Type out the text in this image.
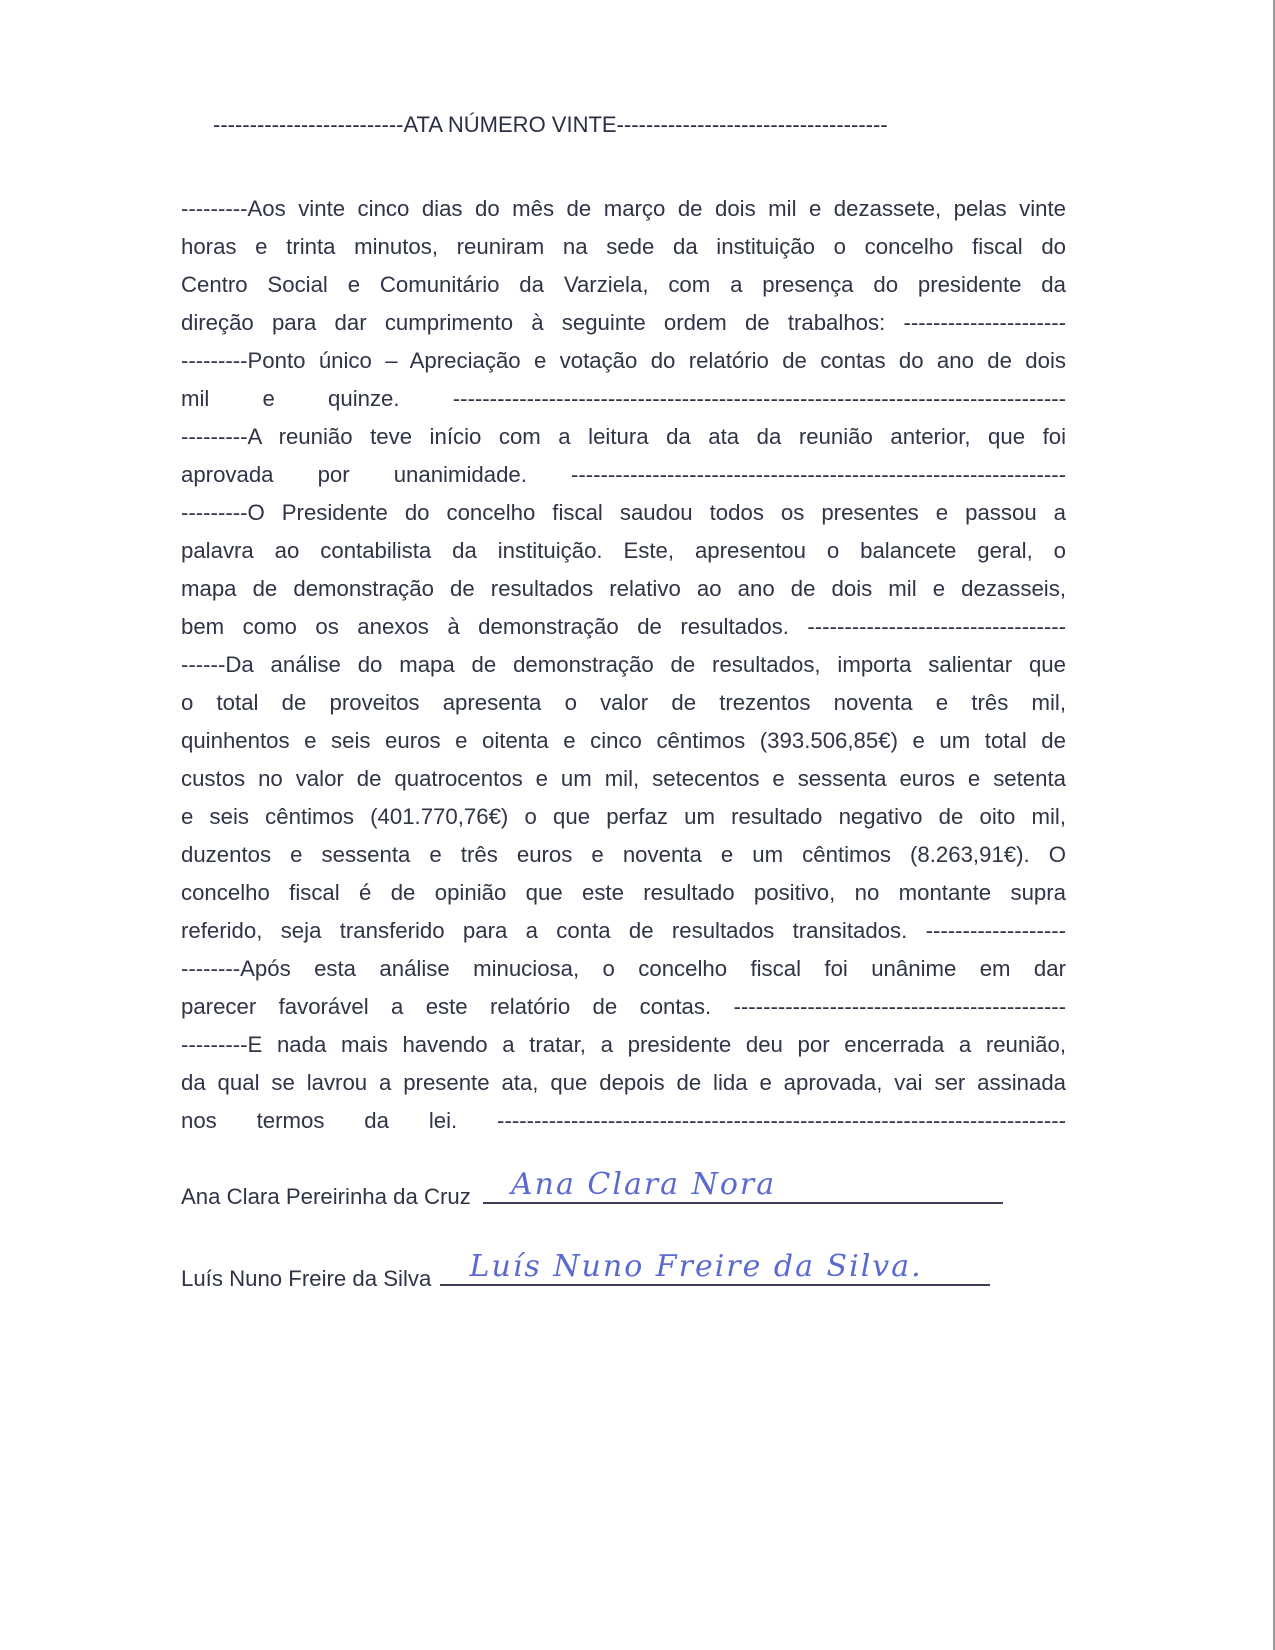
--------------------------ATA NÚMERO VINTE-------------------------------------
---------Aos vinte cinco dias do mês de março de dois mil e dezassete, pelas vinte
horas e trinta minutos, reuniram na sede da instituição o concelho fiscal do
Centro Social e Comunitário da Varziela, com a presença do presidente da
direção para dar cumprimento à seguinte ordem de trabalhos: ----------------------
---------Ponto único – Apreciação e votação do relatório de contas do ano de dois
mil e quinze. -----------------------------------------------------------------------------------
---------A reunião teve início com a leitura da ata da reunião anterior, que foi
aprovada por unanimidade. -------------------------------------------------------------------
---------O Presidente do concelho fiscal saudou todos os presentes e passou a
palavra ao contabilista da instituição. Este, apresentou o balancete geral, o
mapa de demonstração de resultados relativo ao ano de dois mil e dezasseis,
bem como os anexos à demonstração de resultados. -----------------------------------
------Da análise do mapa de demonstração de resultados, importa salientar que
o total de proveitos apresenta o valor de trezentos noventa e três mil,
quinhentos e seis euros e oitenta e cinco cêntimos (393.506,85€) e um total de
custos no valor de quatrocentos e um mil, setecentos e sessenta euros e setenta
e seis cêntimos (401.770,76€) o que perfaz um resultado negativo de oito mil,
duzentos e sessenta e três euros e noventa e um cêntimos (8.263,91€). O
concelho fiscal é de opinião que este resultado positivo, no montante supra
referido, seja transferido para a conta de resultados transitados. -------------------
--------Após esta análise minuciosa, o concelho fiscal foi unânime em dar
parecer favorável a este relatório de contas. ---------------------------------------------
---------E nada mais havendo a tratar, a presidente deu por encerrada a reunião,
da qual se lavrou a presente ata, que depois de lida e aprovada, vai ser assinada
nos termos da lei. -----------------------------------------------------------------------------
Ana Clara Pereirinha da Cruz Ana Clara Nora
Luís Nuno Freire da Silva Luís Nuno Freire da Silva.
